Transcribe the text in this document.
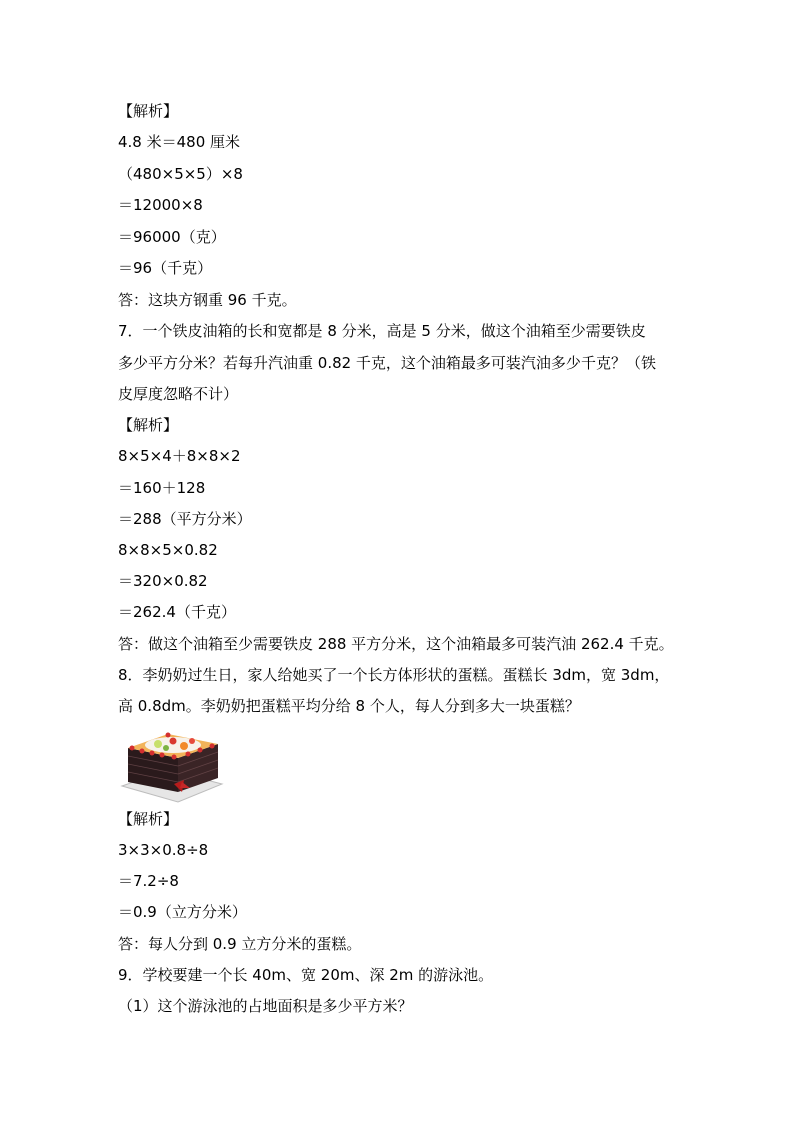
【解析】
4.8 米＝480 厘米
（480×5×5）×8
＝12000×8
＝96000（克）
＝96（千克）
答：这块方钢重 96 千克。
7．一个铁皮油箱的长和宽都是 8 分米，高是 5 分米，做这个油箱至少需要铁皮
多少平方分米？若每升汽油重 0.82 千克，这个油箱最多可装汽油多少千克？（铁
皮厚度忽略不计）
【解析】
8×5×4＋8×8×2
＝160＋128
＝288（平方分米）
8×8×5×0.82
＝320×0.82
＝262.4（千克）
答：做这个油箱至少需要铁皮 288 平方分米，这个油箱最多可装汽油 262.4 千克。
8．李奶奶过生日，家人给她买了一个长方体形状的蛋糕。蛋糕长 3dm，宽 3dm，
高 0.8dm。李奶奶把蛋糕平均分给 8 个人，每人分到多大一块蛋糕？
【解析】
3×3×0.8÷8
＝7.2÷8
＝0.9（立方分米）
答：每人分到 0.9 立方分米的蛋糕。
9．学校要建一个长 40m、宽 20m、深 2m 的游泳池。
（1）这个游泳池的占地面积是多少平方米？
